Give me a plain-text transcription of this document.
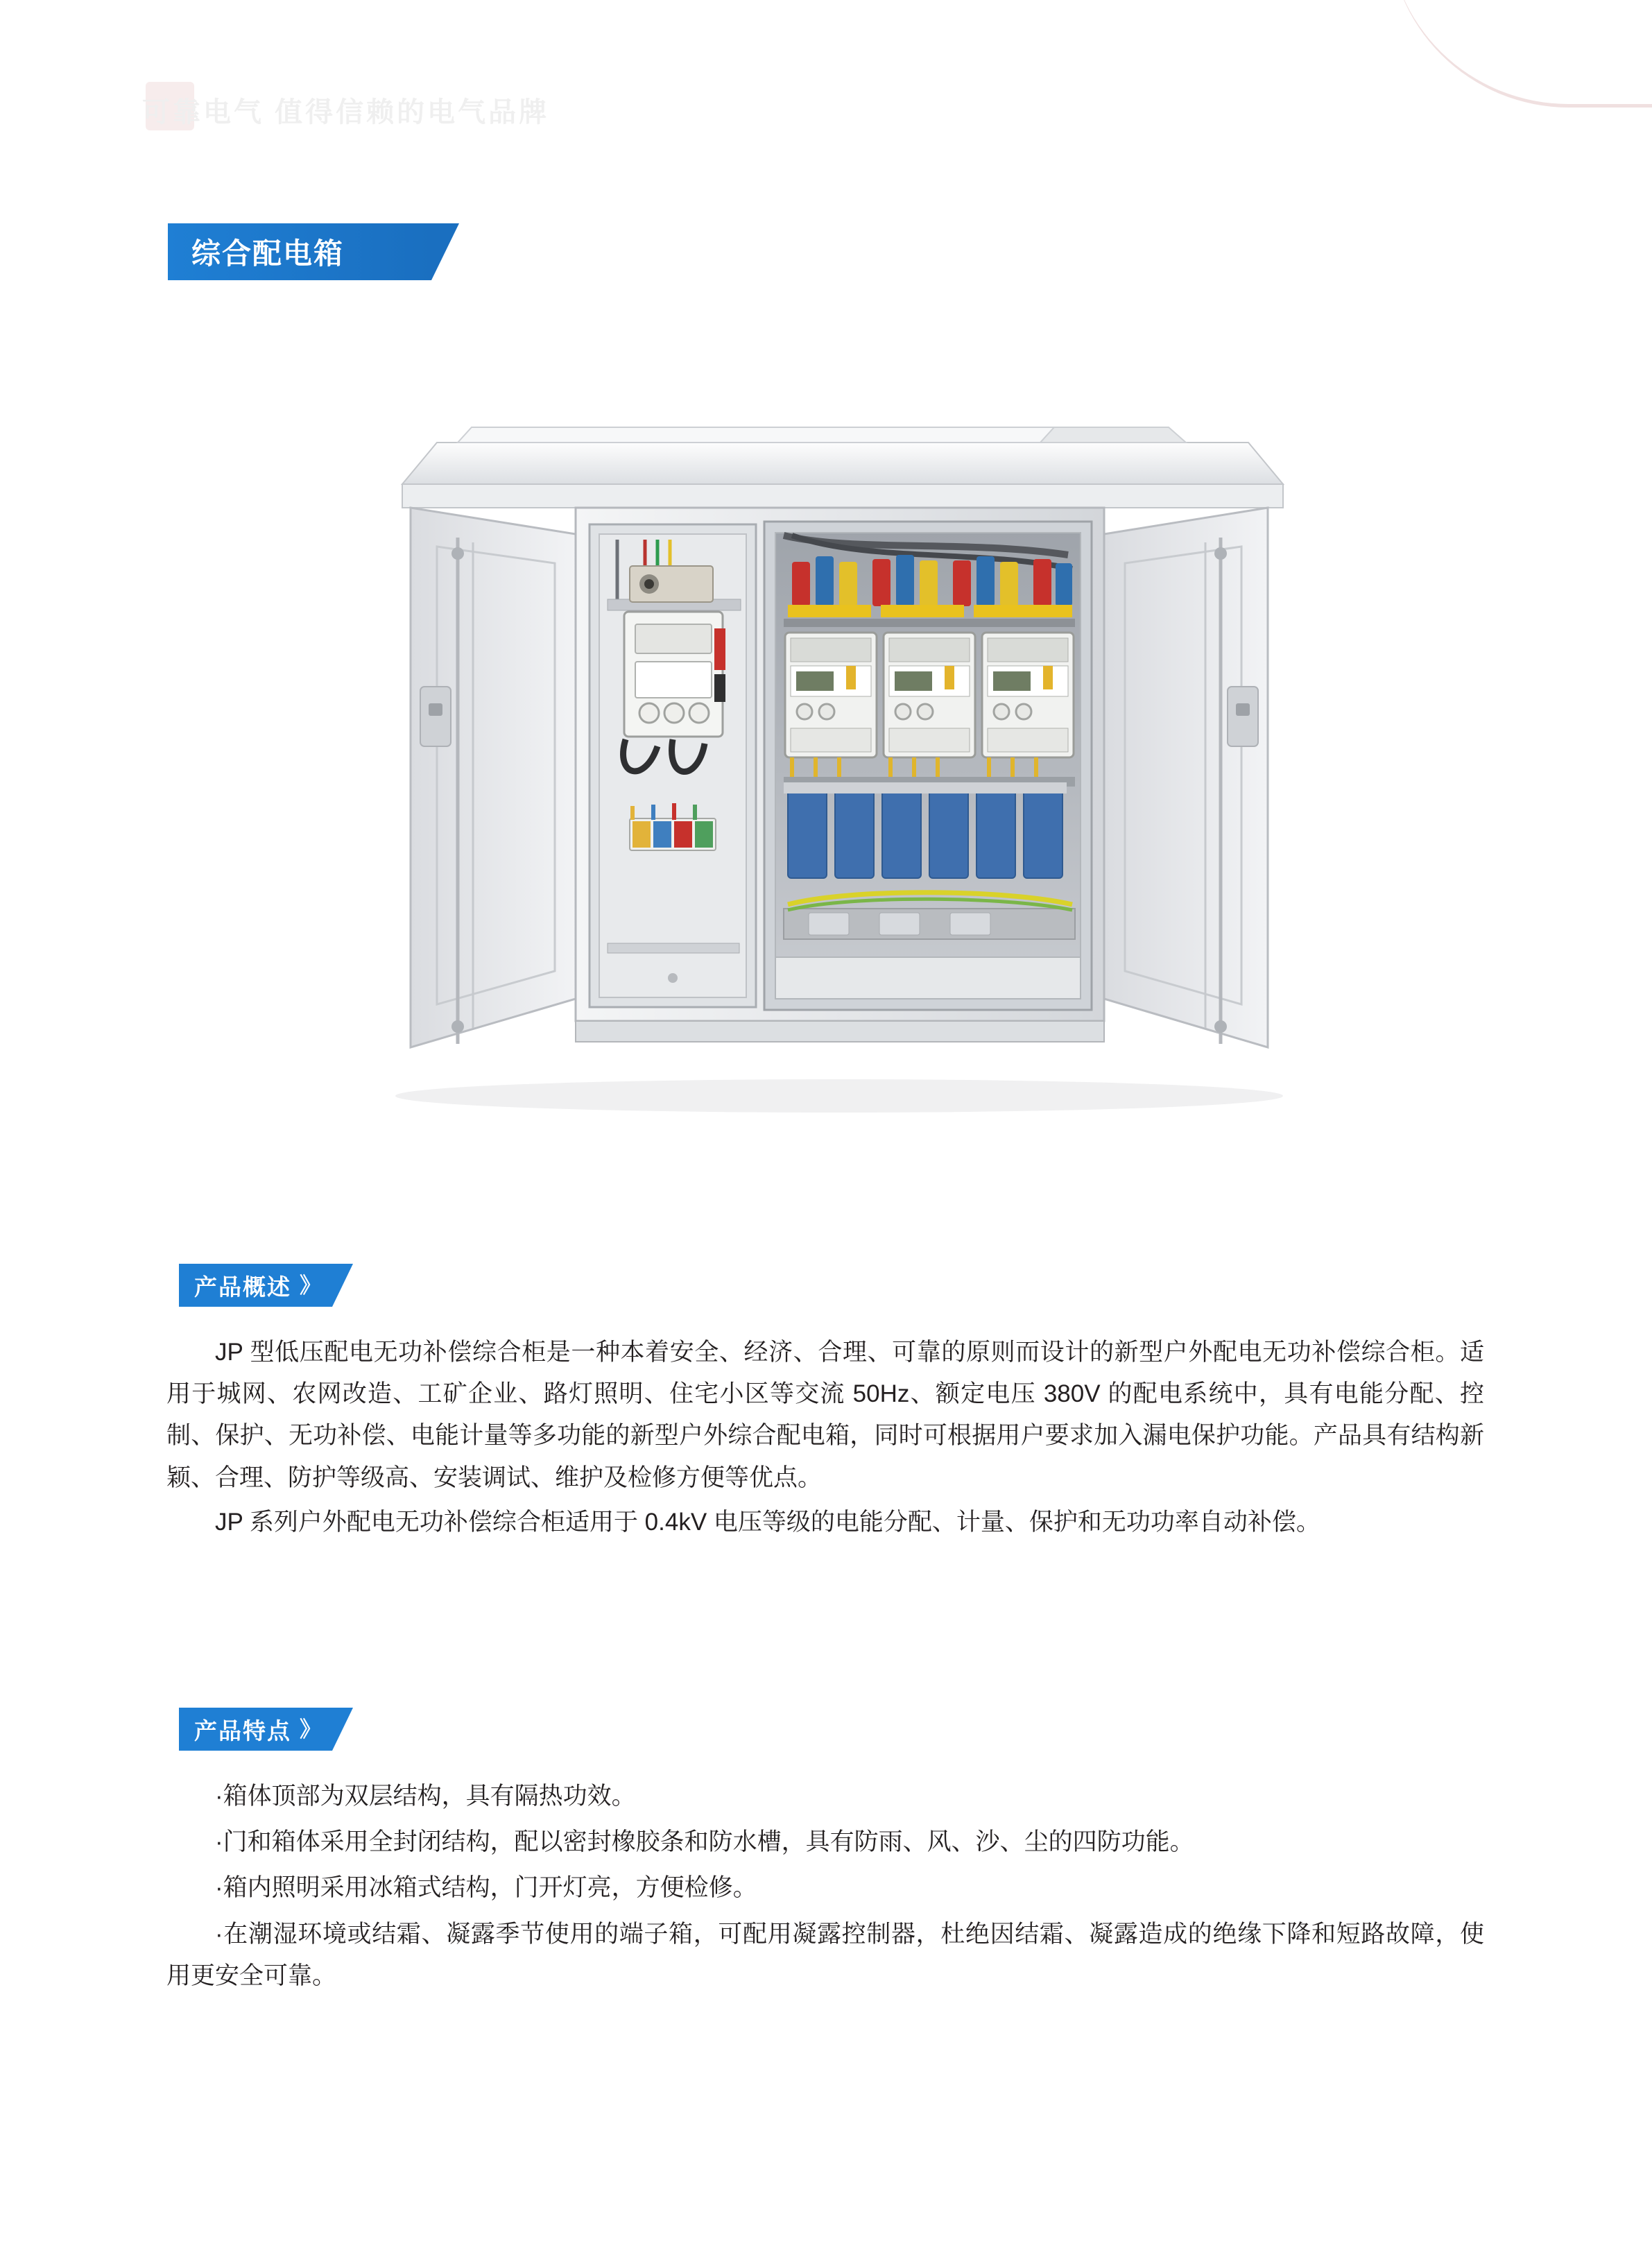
可靠电气 值得信赖的电气品牌
综合配电箱
产品概述 》

JP 型低压配电无功补偿综合柜是一种本着安全、经济、合理、可靠的原则而设计的新型户外配电无功补偿综合柜。适用于城网、农网改造、工矿企业、路灯照明、住宅小区等交流 50Hz、额定电压 380V 的配电系统中，具有电能分配、控制、保护、无功补偿、电能计量等多功能的新型户外综合配电箱，同时可根据用户要求加入漏电保护功能。产品具有结构新颖、合理、防护等级高、安装调试、维护及检修方便等优点。

JP 系列户外配电无功补偿综合柜适用于 0.4kV 电压等级的电能分配、计量、保护和无功功率自动补偿。

产品特点 》

·箱体顶部为双层结构，具有隔热功效。

·门和箱体采用全封闭结构，配以密封橡胶条和防水槽，具有防雨、风、沙、尘的四防功能。

·箱内照明采用冰箱式结构，门开灯亮，方便检修。

·在潮湿环境或结霜、凝露季节使用的端子箱，可配用凝露控制器，杜绝因结霜、凝露造成的绝缘下降和短路故障，使用更安全可靠。
